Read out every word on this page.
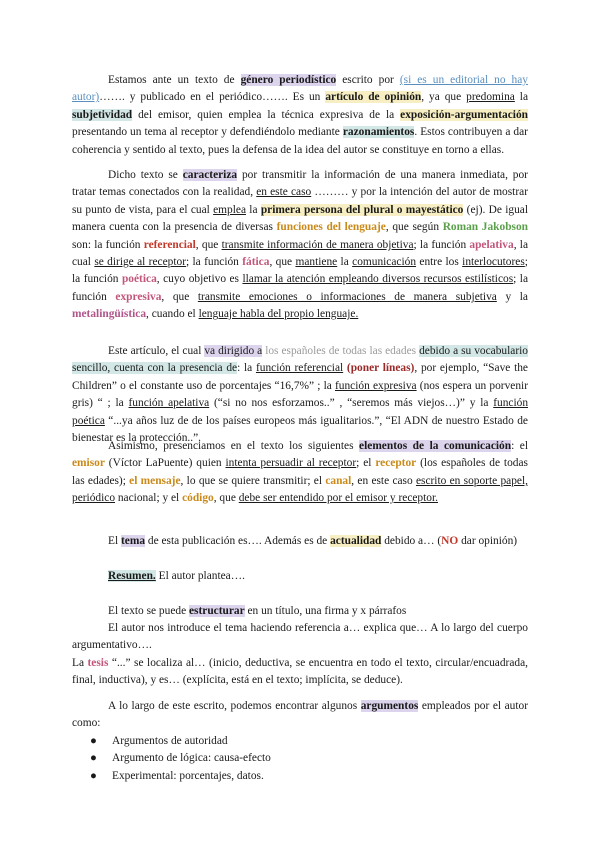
Estamos ante un texto de género periodístico escrito por (si es un editorial no hay autor)……. y publicado en el periódico……. Es un artículo de opinión, ya que predomina la subjetividad del emisor, quien emplea la técnica expresiva de la exposición-argumentación presentando un tema al receptor y defendiéndolo mediante razonamientos. Estos contribuyen a dar coherencia y sentido al texto, pues la defensa de la idea del autor se constituye en torno a ellas.

Dicho texto se caracteriza por transmitir la información de una manera inmediata, por tratar temas conectados con la realidad, en este caso ……… y por la intención del autor de mostrar su punto de vista, para el cual emplea la primera persona del plural o mayestático (ej). De igual manera cuenta con la presencia de diversas funciones del lenguaje, que según Roman Jakobson son: la función referencial, que transmite información de manera objetiva; la función apelativa, la cual se dirige al receptor; la función fática, que mantiene la comunicación entre los interlocutores; la función poética, cuyo objetivo es llamar la atención empleando diversos recursos estilísticos; la función expresiva, que transmite emociones o informaciones de manera subjetiva y la metalingüística, cuando el lenguaje habla del propio lenguaje.

Este artículo, el cual va dirigido a los españoles de todas las edades debido a su vocabulario sencillo, cuenta con la presencia de: la función referencial (poner líneas), por ejemplo, “Save the Children” o el constante uso de porcentajes “16,7%” ; la función expresiva (nos espera un porvenir gris) “ ; la función apelativa (“si no nos esforzamos..” , “seremos más viejos…)” y la función poética “...ya años luz de de los países europeos más igualitarios.”, “El ADN de nuestro Estado de bienestar es la protección..”.

Asimismo, presenciamos en el texto los siguientes elementos de la comunicación: el emisor (Víctor LaPuente) quien intenta persuadir al receptor; el receptor (los españoles de todas las edades); el mensaje, lo que se quiere transmitir; el canal, en este caso escrito en soporte papel, periódico nacional; y el código, que debe ser entendido por el emisor y receptor.

El tema de esta publicación es…. Además es de actualidad debido a… (NO dar opinión)

Resumen. El autor plantea….

El texto se puede estructurar en un título, una firma y x párrafos

El autor nos introduce el tema haciendo referencia a… explica que… A lo largo del cuerpo argumentativo….

La tesis “...” se localiza al… (inicio, deductiva, se encuentra en todo el texto, circular/encuadrada, final, inductiva), y es… (explícita, está en el texto; implícita, se deduce).

A lo largo de este escrito, podemos encontrar algunos argumentos empleados por el autor como:

● Argumentos de autoridad
● Argumento de lógica: causa-efecto
● Experimental: porcentajes, datos.
